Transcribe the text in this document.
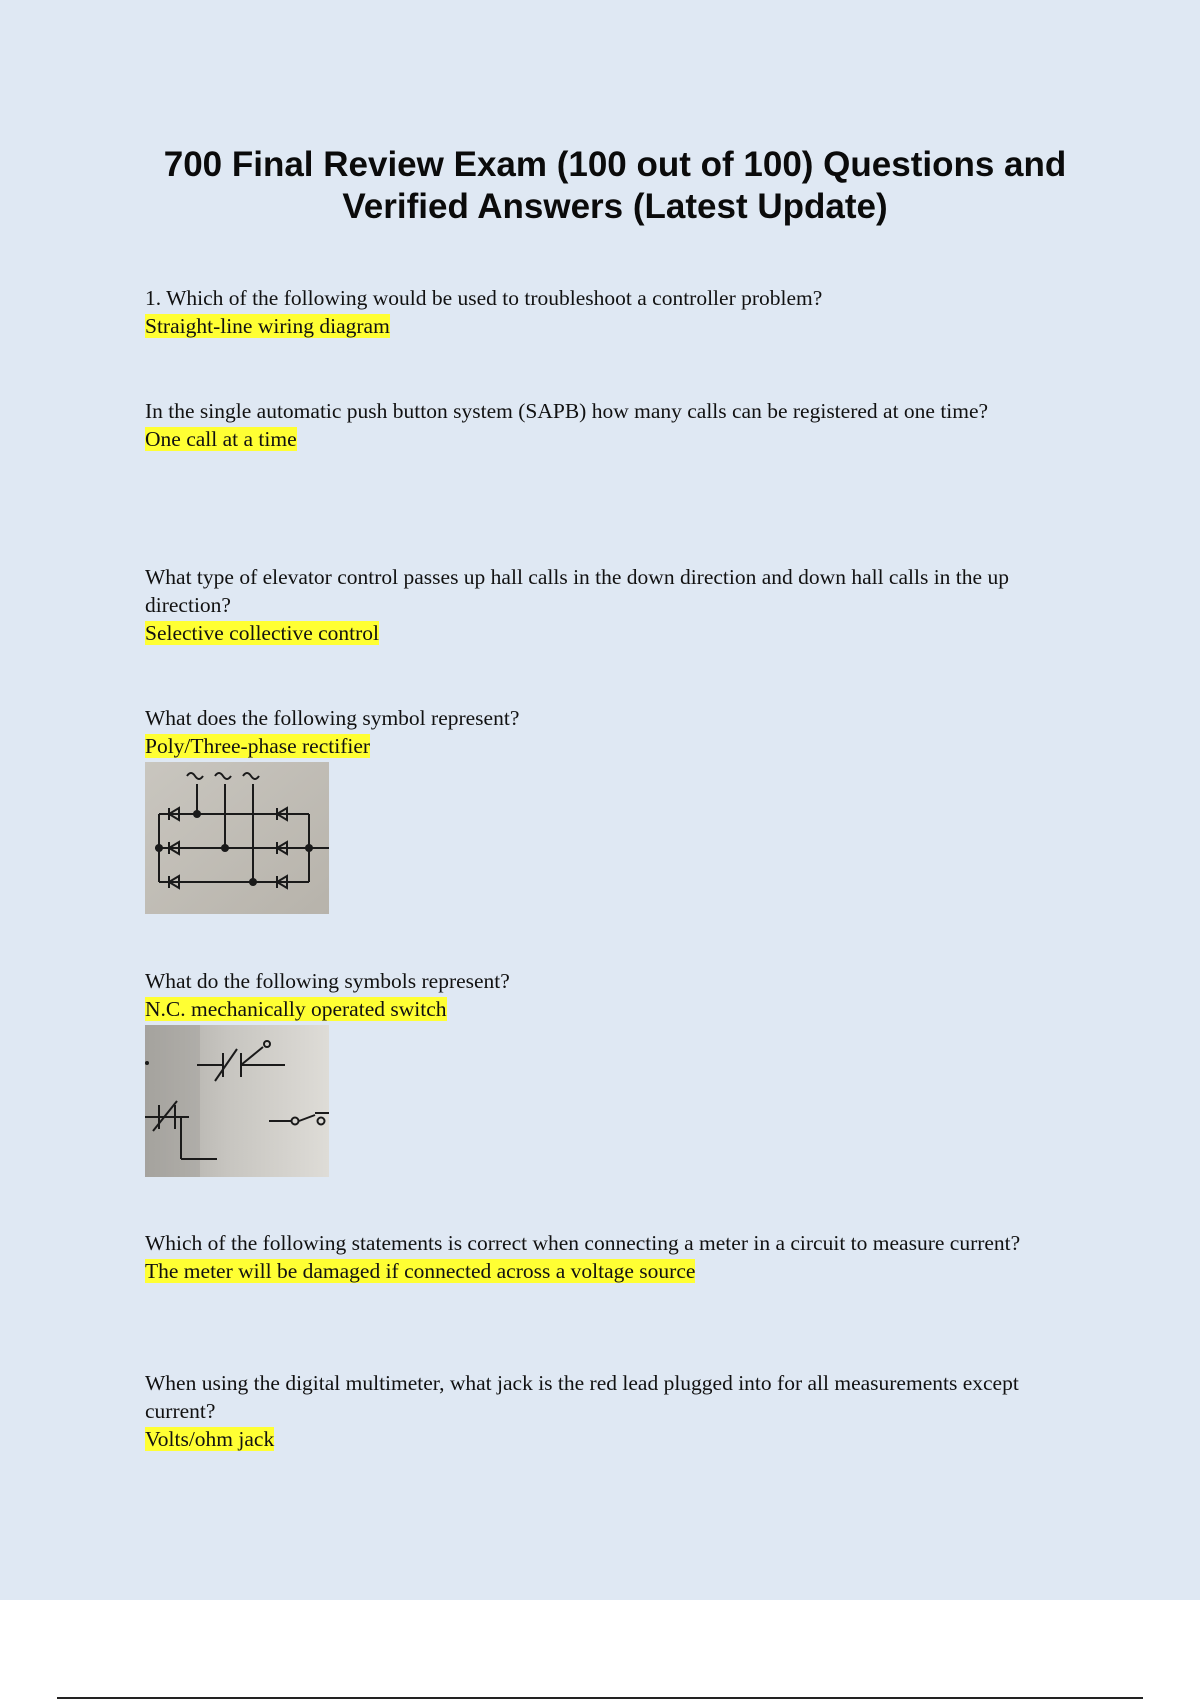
700 Final Review Exam (100 out of 100) Questions and Verified Answers (Latest Update)

1. Which of the following would be used to troubleshoot a controller problem?

Straight-line wiring diagram

In the single automatic push button system (SAPB) how many calls can be registered at one time?

One call at a time

What type of elevator control passes up hall calls in the down direction and down hall calls in the up direction?

Selective collective control

What does the following symbol represent?

Poly/Three-phase rectifier

What do the following symbols represent?

N.C. mechanically operated switch

Which of the following statements is correct when connecting a meter in a circuit to measure current?

The meter will be damaged if connected across a voltage source

When using the digital multimeter, what jack is the red lead plugged into for all measurements except current?

Volts/ohm jack
